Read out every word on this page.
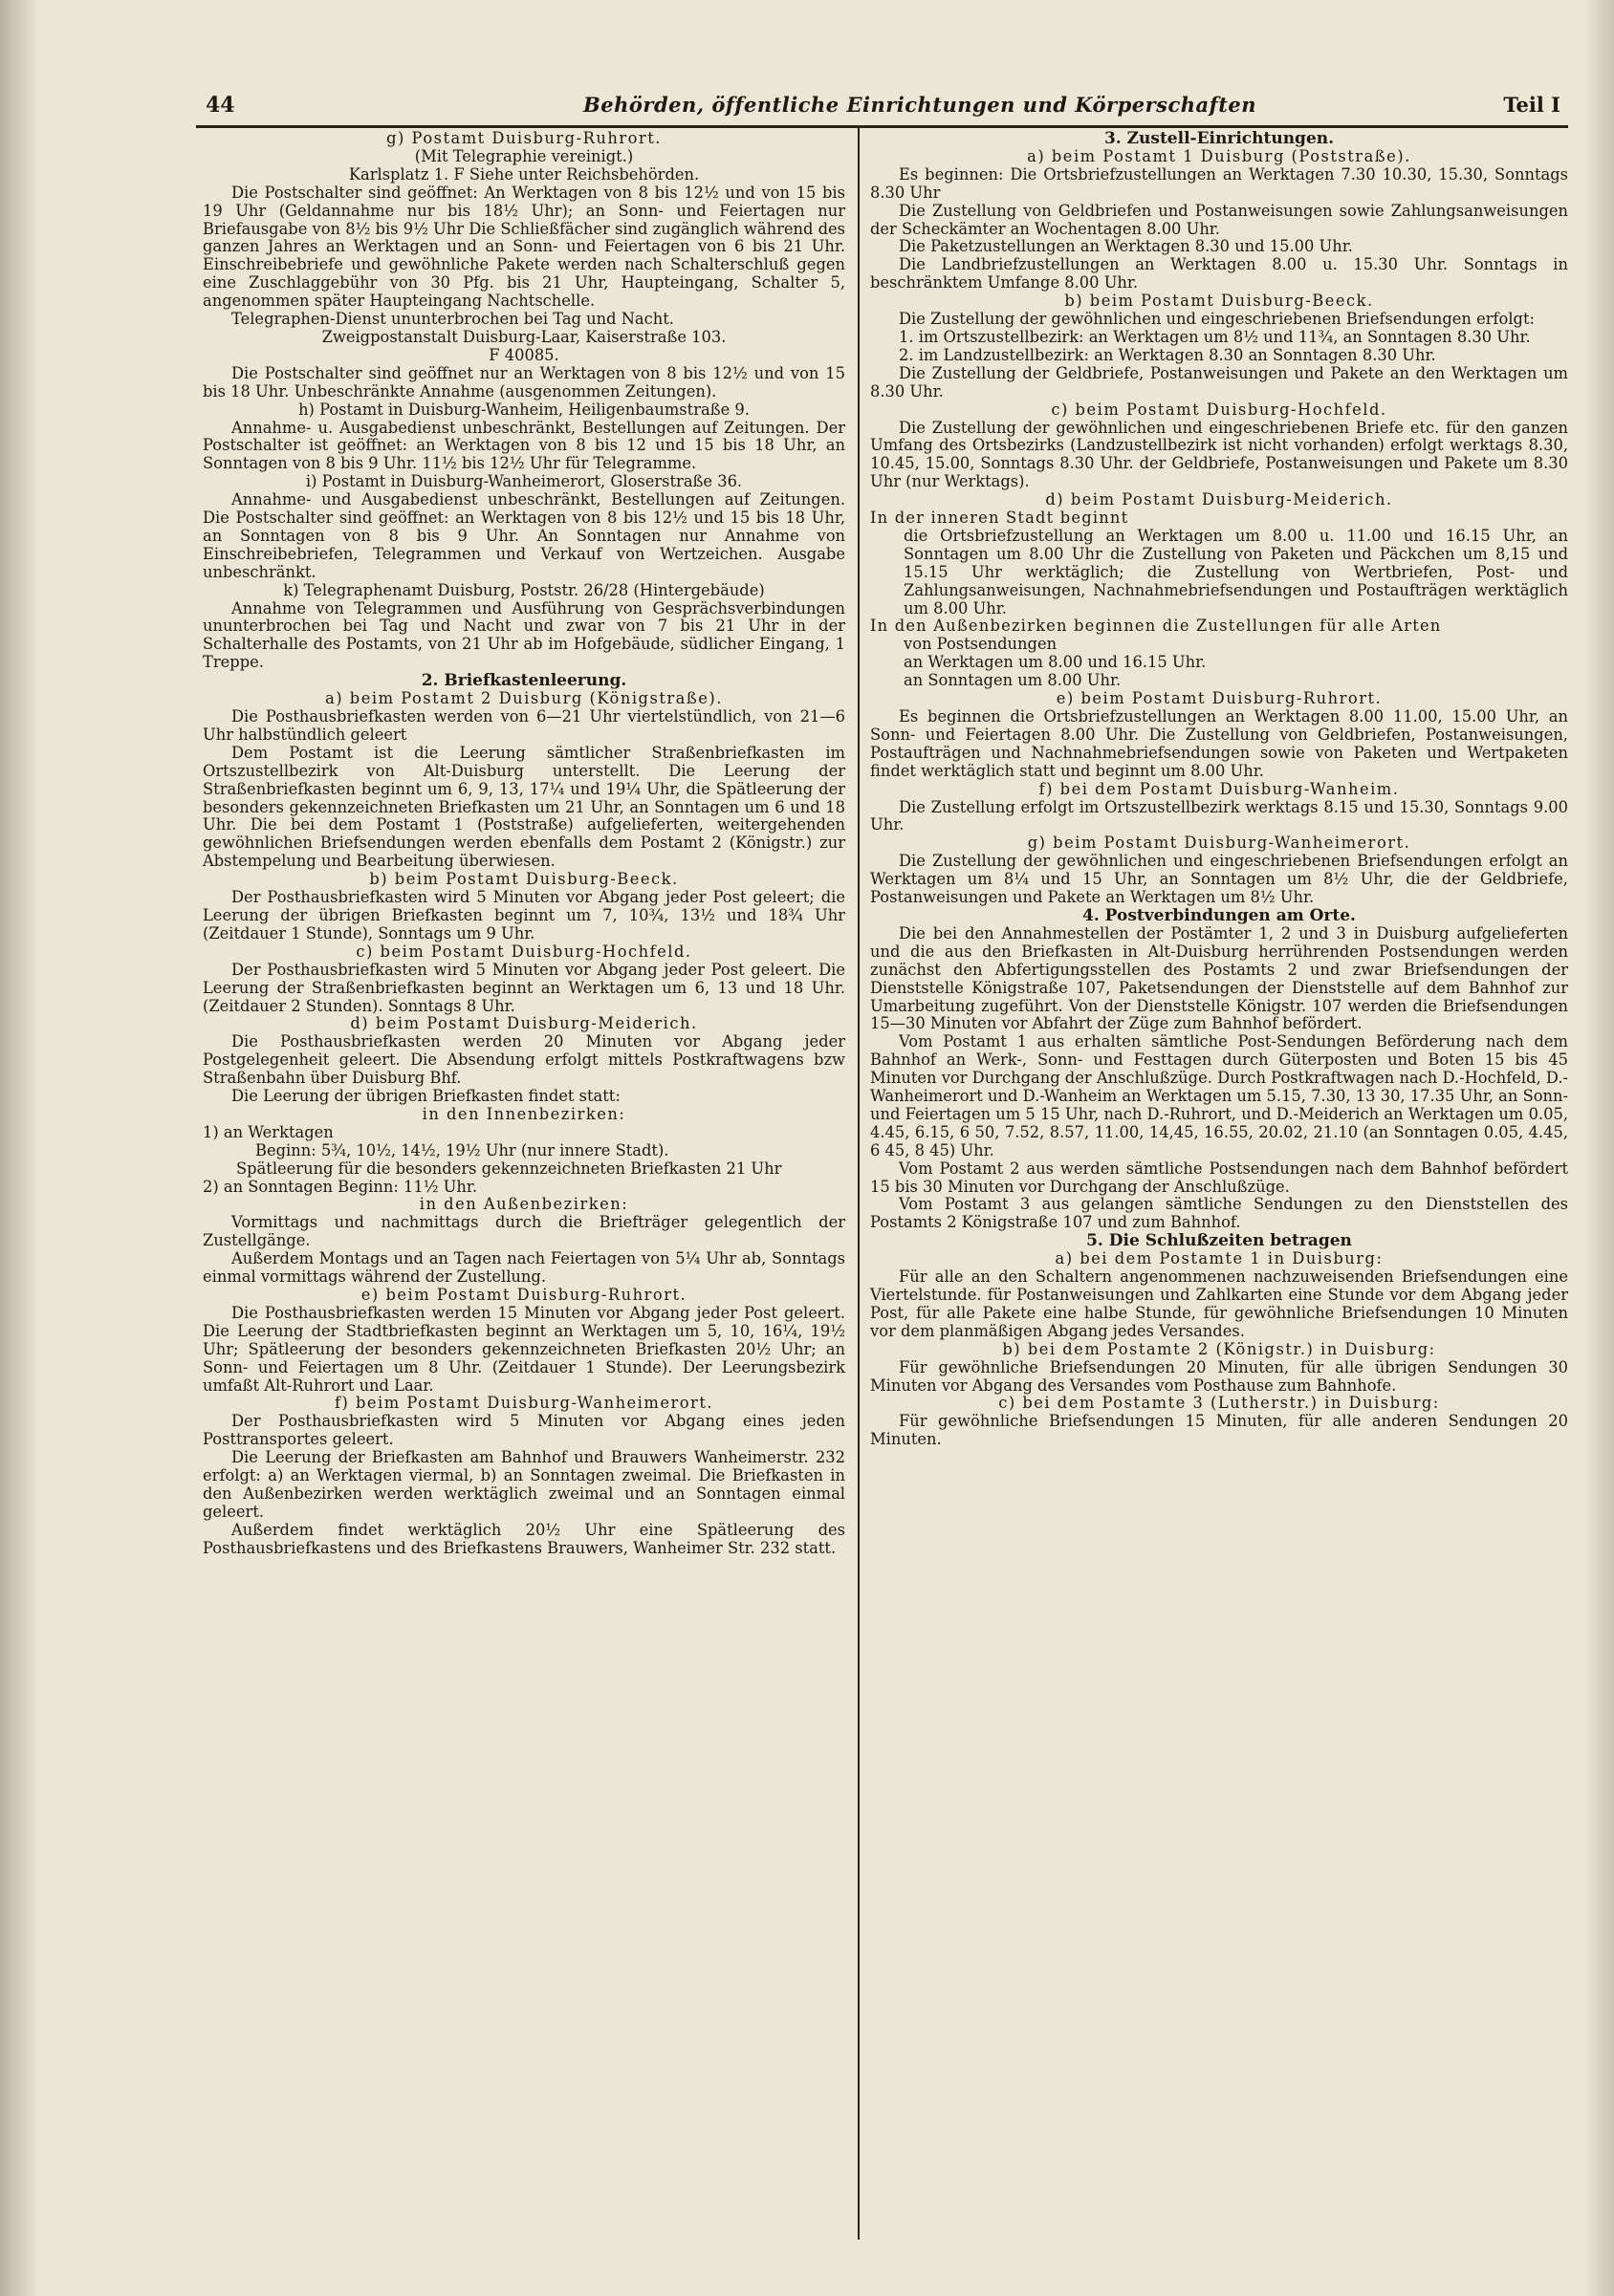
44	Behörden, öffentliche Einrichtungen und Körperschaften	Teil I

g) Postamt Duisburg-Ruhrort.

(Mit Telegraphie vereinigt.)

Karlsplatz 1. F Siehe unter Reichsbehörden.

Die Postschalter sind geöffnet: An Werktagen von 8 bis 12½ und von 15 bis 19 Uhr (Geldannahme nur bis 18½ Uhr); an Sonn- und Feiertagen nur Briefausgabe von 8½ bis 9½ Uhr Die Schließfächer sind zugänglich während des ganzen Jahres an Werktagen und an Sonn- und Feiertagen von 6 bis 21 Uhr. Einschreibebriefe und gewöhnliche Pakete werden nach Schalterschluß gegen eine Zuschlaggebühr von 30 Pfg. bis 21 Uhr, Haupteingang, Schalter 5, angenommen später Haupteingang Nachtschelle.

Telegraphen-Dienst ununterbrochen bei Tag und Nacht.

Zweigpostanstalt Duisburg-Laar, Kaiserstraße 103.

F 40085.

Die Postschalter sind geöffnet nur an Werktagen von 8 bis 12½ und von 15 bis 18 Uhr. Unbeschränkte Annahme (ausgenommen Zeitungen).

h) Postamt in Duisburg-Wanheim, Heiligenbaumstraße 9.

Annahme- u. Ausgabedienst unbeschränkt, Bestellungen auf Zeitungen. Der Postschalter ist geöffnet: an Werktagen von 8 bis 12 und 15 bis 18 Uhr, an Sonntagen von 8 bis 9 Uhr. 11½ bis 12½ Uhr für Telegramme.

i) Postamt in Duisburg-Wanheimerort, Gloserstraße 36.

Annahme- und Ausgabedienst unbeschränkt, Bestellungen auf Zeitungen. Die Postschalter sind geöffnet: an Werktagen von 8 bis 12½ und 15 bis 18 Uhr, an Sonntagen von 8 bis 9 Uhr. An Sonntagen nur Annahme von Einschreibebriefen, Telegrammen und Verkauf von Wertzeichen. Ausgabe unbeschränkt.

k) Telegraphenamt Duisburg, Poststr. 26/28 (Hintergebäude)

Annahme von Telegrammen und Ausführung von Gesprächsverbindungen ununterbrochen bei Tag und Nacht und zwar von 7 bis 21 Uhr in der Schalterhalle des Postamts, von 21 Uhr ab im Hofgebäude, südlicher Eingang, 1 Treppe.

2. Briefkastenleerung.

a) beim Postamt 2 Duisburg (Königstraße).

Die Posthausbriefkasten werden von 6—21 Uhr viertelstündlich, von 21—6 Uhr halbstündlich geleert

Dem Postamt ist die Leerung sämtlicher Straßenbriefkasten im Ortszustellbezirk von Alt-Duisburg unterstellt. Die Leerung der Straßenbriefkasten beginnt um 6, 9, 13, 17¼ und 19¼ Uhr, die Spätleerung der besonders gekennzeichneten Briefkasten um 21 Uhr, an Sonntagen um 6 und 18 Uhr. Die bei dem Postamt 1 (Poststraße) aufgelieferten, weitergehenden gewöhnlichen Briefsendungen werden ebenfalls dem Postamt 2 (Königstr.) zur Abstempelung und Bearbeitung überwiesen.

b) beim Postamt Duisburg-Beeck.

Der Posthausbriefkasten wird 5 Minuten vor Abgang jeder Post geleert; die Leerung der übrigen Briefkasten beginnt um 7, 10¾, 13½ und 18¾ Uhr (Zeitdauer 1 Stunde), Sonntags um 9 Uhr.

c) beim Postamt Duisburg-Hochfeld.

Der Posthausbriefkasten wird 5 Minuten vor Abgang jeder Post geleert. Die Leerung der Straßenbriefkasten beginnt an Werktagen um 6, 13 und 18 Uhr. (Zeitdauer 2 Stunden). Sonntags 8 Uhr.

d) beim Postamt Duisburg-Meiderich.

Die Posthausbriefkasten werden 20 Minuten vor Abgang jeder Postgelegenheit geleert. Die Absendung erfolgt mittels Postkraftwagens bzw Straßenbahn über Duisburg Bhf.

Die Leerung der übrigen Briefkasten findet statt:

in den Innenbezirken:

1) an Werktagen

Beginn: 5¾, 10½, 14½, 19½ Uhr (nur innere Stadt).

Spätleerung für die besonders gekennzeichneten Briefkasten 21 Uhr

2) an Sonntagen Beginn: 11½ Uhr.

in den Außenbezirken:

Vormittags und nachmittags durch die Briefträger gelegentlich der Zustellgänge.

Außerdem Montags und an Tagen nach Feiertagen von 5¼ Uhr ab, Sonntags einmal vormittags während der Zustellung.

e) beim Postamt Duisburg-Ruhrort.

Die Posthausbriefkasten werden 15 Minuten vor Abgang jeder Post geleert. Die Leerung der Stadtbriefkasten beginnt an Werktagen um 5, 10, 16¼, 19½ Uhr; Spätleerung der besonders gekennzeichneten Briefkasten 20½ Uhr; an Sonn- und Feiertagen um 8 Uhr. (Zeitdauer 1 Stunde). Der Leerungsbezirk umfaßt Alt-Ruhrort und Laar.

f) beim Postamt Duisburg-Wanheimerort.

Der Posthausbriefkasten wird 5 Minuten vor Abgang eines jeden Posttransportes geleert.

Die Leerung der Briefkasten am Bahnhof und Brauwers Wanheimerstr. 232 erfolgt: a) an Werktagen viermal, b) an Sonntagen zweimal. Die Briefkasten in den Außenbezirken werden werktäglich zweimal und an Sonntagen einmal geleert.

Außerdem findet werktäglich 20½ Uhr eine Spätleerung des Posthausbriefkastens und des Briefkastens Brauwers, Wanheimer Str. 232 statt.

3. Zustell-Einrichtungen.

a) beim Postamt 1 Duisburg (Poststraße).

Es beginnen: Die Ortsbriefzustellungen an Werktagen 7.30 10.30, 15.30, Sonntags 8.30 Uhr

Die Zustellung von Geldbriefen und Postanweisungen sowie Zahlungsanweisungen der Scheckämter an Wochentagen 8.00 Uhr.

Die Paketzustellungen an Werktagen 8.30 und 15.00 Uhr.

Die Landbriefzustellungen an Werktagen 8.00 u. 15.30 Uhr. Sonntags in beschränktem Umfange 8.00 Uhr.

b) beim Postamt Duisburg-Beeck.

Die Zustellung der gewöhnlichen und eingeschriebenen Briefsendungen erfolgt:

1. im Ortszustellbezirk: an Werktagen um 8½ und 11¾, an Sonntagen 8.30 Uhr.

2. im Landzustellbezirk: an Werktagen 8.30 an Sonntagen 8.30 Uhr.

Die Zustellung der Geldbriefe, Postanweisungen und Pakete an den Werktagen um 8.30 Uhr.

c) beim Postamt Duisburg-Hochfeld.

Die Zustellung der gewöhnlichen und eingeschriebenen Briefe etc. für den ganzen Umfang des Ortsbezirks (Landzustellbezirk ist nicht vorhanden) erfolgt werktags 8.30, 10.45, 15.00, Sonntags 8.30 Uhr. der Geldbriefe, Postanweisungen und Pakete um 8.30 Uhr (nur Werktags).

d) beim Postamt Duisburg-Meiderich.

In der inneren Stadt beginnt

die Ortsbriefzustellung an Werktagen um 8.00 u. 11.00 und 16.15 Uhr, an Sonntagen um 8.00 Uhr die Zustellung von Paketen und Päckchen um 8,15 und 15.15 Uhr werktäglich; die Zustellung von Wertbriefen, Post- und Zahlungsanweisungen, Nachnahmebriefsendungen und Postaufträgen werktäglich um 8.00 Uhr.

In den Außenbezirken beginnen die Zustellungen für alle Arten

von Postsendungen

an Werktagen um 8.00 und 16.15 Uhr.

an Sonntagen um 8.00 Uhr.

e) beim Postamt Duisburg-Ruhrort.

Es beginnen die Ortsbriefzustellungen an Werktagen 8.00 11.00, 15.00 Uhr, an Sonn- und Feiertagen 8.00 Uhr. Die Zustellung von Geldbriefen, Postanweisungen, Postaufträgen und Nachnahmebriefsendungen sowie von Paketen und Wertpaketen findet werktäglich statt und beginnt um 8.00 Uhr.

f) bei dem Postamt Duisburg-Wanheim.

Die Zustellung erfolgt im Ortszustellbezirk werktags 8.15 und 15.30, Sonntags 9.00 Uhr.

g) beim Postamt Duisburg-Wanheimerort.

Die Zustellung der gewöhnlichen und eingeschriebenen Briefsendungen erfolgt an Werktagen um 8¼ und 15 Uhr, an Sonntagen um 8½ Uhr, die der Geldbriefe, Postanweisungen und Pakete an Werktagen um 8½ Uhr.

4. Postverbindungen am Orte.

Die bei den Annahmestellen der Postämter 1, 2 und 3 in Duisburg aufgelieferten und die aus den Briefkasten in Alt-Duisburg herrührenden Postsendungen werden zunächst den Abfertigungsstellen des Postamts 2 und zwar Briefsendungen der Dienststelle Königstraße 107, Paketsendungen der Dienststelle auf dem Bahnhof zur Umarbeitung zugeführt. Von der Dienststelle Königstr. 107 werden die Briefsendungen 15—30 Minuten vor Abfahrt der Züge zum Bahnhof befördert.

Vom Postamt 1 aus erhalten sämtliche Post-Sendungen Beförderung nach dem Bahnhof an Werk-, Sonn- und Festtagen durch Güterposten und Boten 15 bis 45 Minuten vor Durchgang der Anschlußzüge. Durch Postkraftwagen nach D.-Hochfeld, D.-Wanheimerort und D.-Wanheim an Werktagen um 5.15, 7.30, 13 30, 17.35 Uhr, an Sonn- und Feiertagen um 5 15 Uhr, nach D.-Ruhrort, und D.-Meiderich an Werktagen um 0.05, 4.45, 6.15, 6 50, 7.52, 8.57, 11.00, 14,45, 16.55, 20.02, 21.10 (an Sonntagen 0.05, 4.45, 6 45, 8 45) Uhr.

Vom Postamt 2 aus werden sämtliche Postsendungen nach dem Bahnhof befördert 15 bis 30 Minuten vor Durchgang der Anschlußzüge.

Vom Postamt 3 aus gelangen sämtliche Sendungen zu den Dienststellen des Postamts 2 Königstraße 107 und zum Bahnhof.

5. Die Schlußzeiten betragen

a) bei dem Postamte 1 in Duisburg:

Für alle an den Schaltern angenommenen nachzuweisenden Briefsendungen eine Viertelstunde. für Postanweisungen und Zahlkarten eine Stunde vor dem Abgang jeder Post, für alle Pakete eine halbe Stunde, für gewöhnliche Briefsendungen 10 Minuten vor dem planmäßigen Abgang jedes Versandes.

b) bei dem Postamte 2 (Königstr.) in Duisburg:

Für gewöhnliche Briefsendungen 20 Minuten, für alle übrigen Sendungen 30 Minuten vor Abgang des Versandes vom Posthause zum Bahnhofe.

c) bei dem Postamte 3 (Lutherstr.) in Duisburg:

Für gewöhnliche Briefsendungen 15 Minuten, für alle anderen Sendungen 20 Minuten.
